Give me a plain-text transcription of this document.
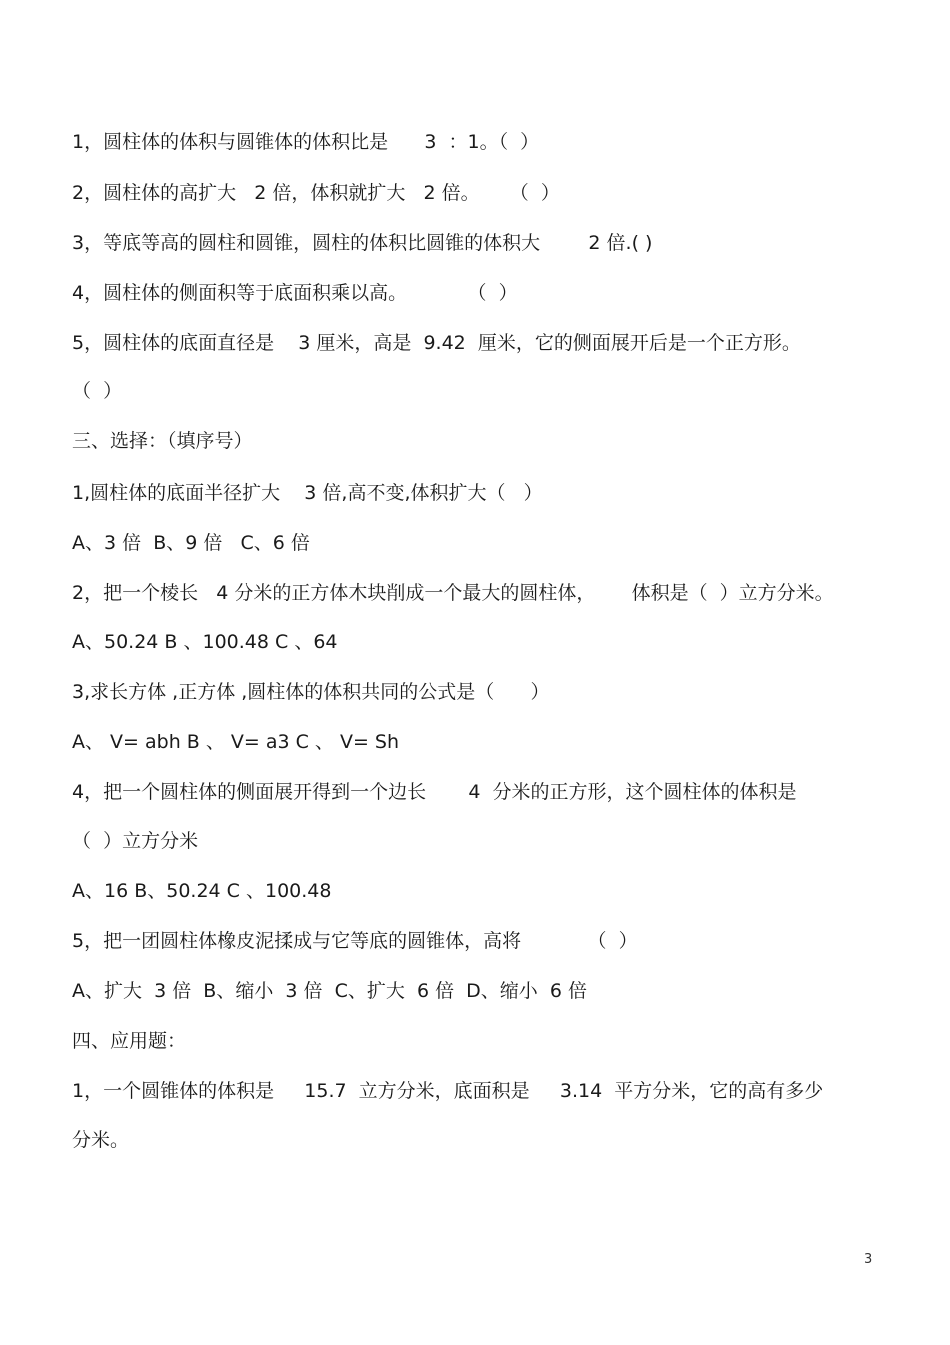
1，圆柱体的体积与圆锥体的体积比是      3  ：1。（  ）
2，圆柱体的高扩大   2 倍，体积就扩大   2 倍。     （  ）
3，等底等高的圆柱和圆锥，圆柱的体积比圆锥的体积大        2 倍.( )
4，圆柱体的侧面积等于底面积乘以高。          （  ）
5，圆柱体的底面直径是    3 厘米，高是  9.42  厘米，它的侧面展开后是一个正方形。
（  ）
三、选择：（填序号）
1,圆柱体的底面半径扩大    3 倍,高不变,体积扩大（   ）
A、3 倍  B、9 倍   C、6 倍
2，把一个棱长   4 分米的正方体木块削成一个最大的圆柱体，      体积是（  ）立方分米。
A、50.24 B 、100.48 C 、64
3,求长方体 ,正方体 ,圆柱体的体积共同的公式是（      ）
A、 V= abh B 、 V= a3 C 、 V= Sh
4，把一个圆柱体的侧面展开得到一个边长       4  分米的正方形，这个圆柱体的体积是
（  ）立方分米
A、16 B、50.24 C 、100.48
5，把一团圆柱体橡皮泥揉成与它等底的圆锥体，高将           （  ）
A、扩大  3 倍  B、缩小  3 倍  C、扩大  6 倍  D、缩小  6 倍
四、应用题：
1，一个圆锥体的体积是     15.7  立方分米，底面积是     3.14  平方分米，它的高有多少
分米。
3
